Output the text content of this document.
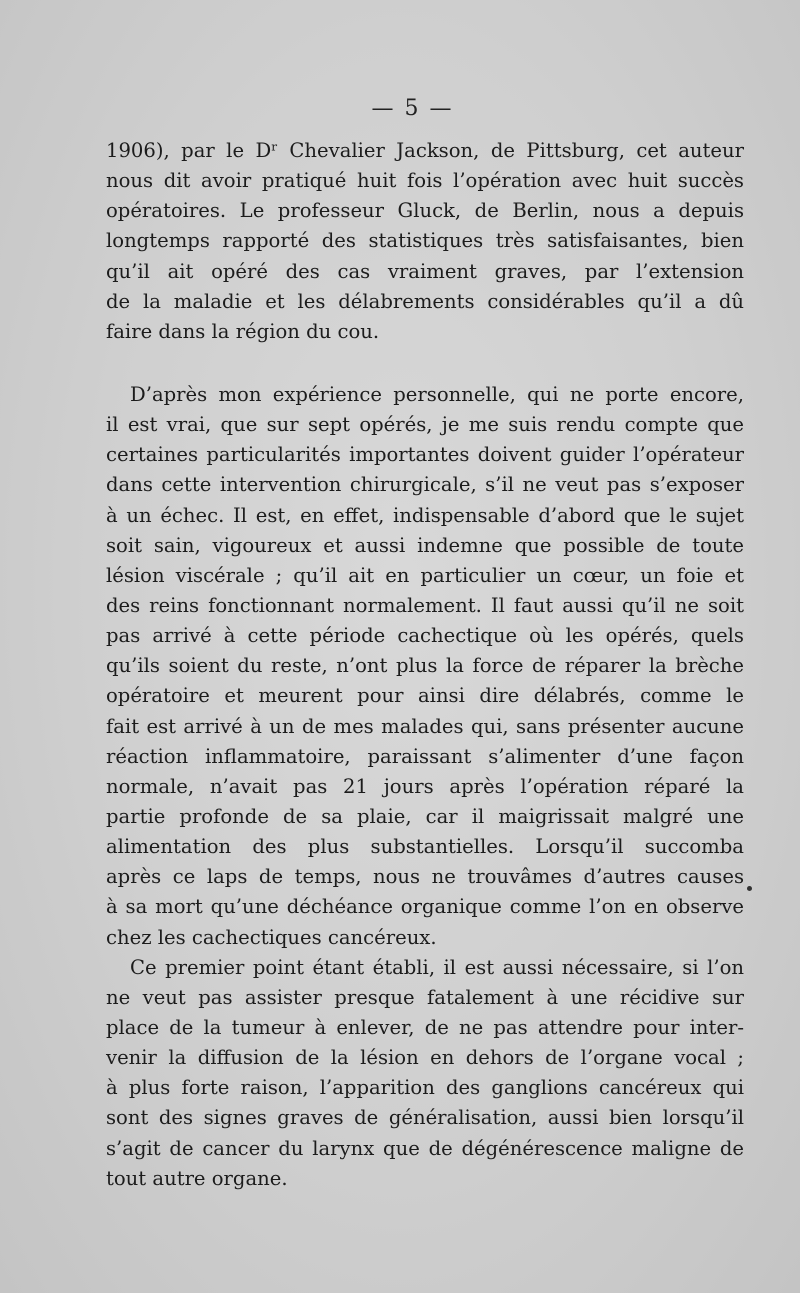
— 5 —
1906), par le Dʳ Chevalier Jackson, de Pittsburg, cet auteur
nous dit avoir pratiqué huit fois l’opération avec huit succès
opératoires. Le professeur Gluck, de Berlin, nous a depuis
longtemps rapporté des statistiques très satisfaisantes, bien
qu’il ait opéré des cas vraiment graves, par l’extension
de la maladie et les délabrements considérables qu’il a dû
faire dans la région du cou.
D’après mon expérience personnelle, qui ne porte encore,
il est vrai, que sur sept opérés, je me suis rendu compte que
certaines particularités importantes doivent guider l’opérateur
dans cette intervention chirurgicale, s’il ne veut pas s’exposer
à un échec. Il est, en effet, indispensable d’abord que le sujet
soit sain, vigoureux et aussi indemne que possible de toute
lésion viscérale ; qu’il ait en particulier un cœur, un foie et
des reins fonctionnant normalement. Il faut aussi qu’il ne soit
pas arrivé à cette période cachectique où les opérés, quels
qu’ils soient du reste, n’ont plus la force de réparer la brèche
opératoire et meurent pour ainsi dire délabrés, comme le
fait est arrivé à un de mes malades qui, sans présenter aucune
réaction inflammatoire, paraissant s’alimenter d’une façon
normale, n’avait pas 21 jours après l’opération réparé la
partie profonde de sa plaie, car il maigrissait malgré une
alimentation des plus substantielles. Lorsqu’il succomba
après ce laps de temps, nous ne trouvâmes d’autres causes
à sa mort qu’une déchéance organique comme l’on en observe
chez les cachectiques cancéreux.
Ce premier point étant établi, il est aussi nécessaire, si l’on
ne veut pas assister presque fatalement à une récidive sur
place de la tumeur à enlever, de ne pas attendre pour inter-
venir la diffusion de la lésion en dehors de l’organe vocal ;
à plus forte raison, l’apparition des ganglions cancéreux qui
sont des signes graves de généralisation, aussi bien lorsqu’il
s’agit de cancer du larynx que de dégénérescence maligne de
tout autre organe.
